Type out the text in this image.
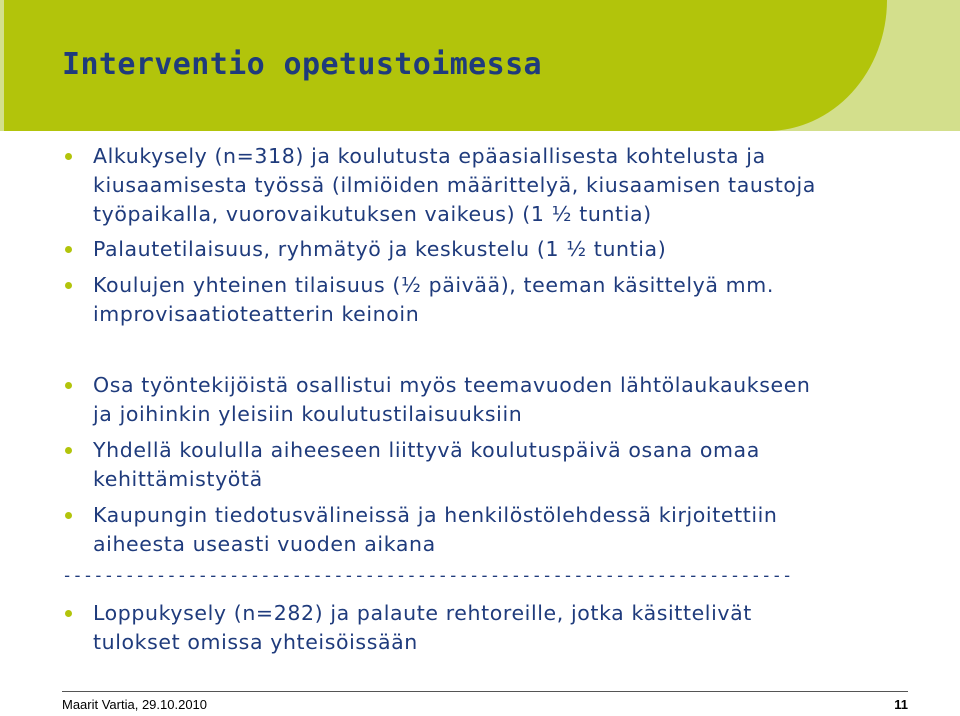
Interventio opetustoimessa
Alkukysely (n=318) ja koulutusta epäasiallisesta kohtelusta ja
kiusaamisesta työssä (ilmiöiden määrittelyä, kiusaamisen taustoja
työpaikalla, vuorovaikutuksen vaikeus) (1 ½ tuntia)
Palautetilaisuus, ryhmätyö ja keskustelu (1 ½ tuntia)
Koulujen yhteinen tilaisuus (½ päivää), teeman käsittelyä mm.
improvisaatioteatterin keinoin
Osa työntekijöistä osallistui myös teemavuoden lähtölaukaukseen
ja joihinkin yleisiin koulutustilaisuuksiin
Yhdellä koululla aiheeseen liittyvä koulutuspäivä osana omaa
kehittämistyötä
Kaupungin tiedotusvälineissä ja henkilöstölehdessä kirjoitettiin
aiheesta useasti vuoden aikana
Loppukysely (n=282) ja palaute rehtoreille, jotka käsittelivät
tulokset omissa yhteisöissään
----------------------------------------------------------------------
Maarit Vartia, 29.10.2010	11
